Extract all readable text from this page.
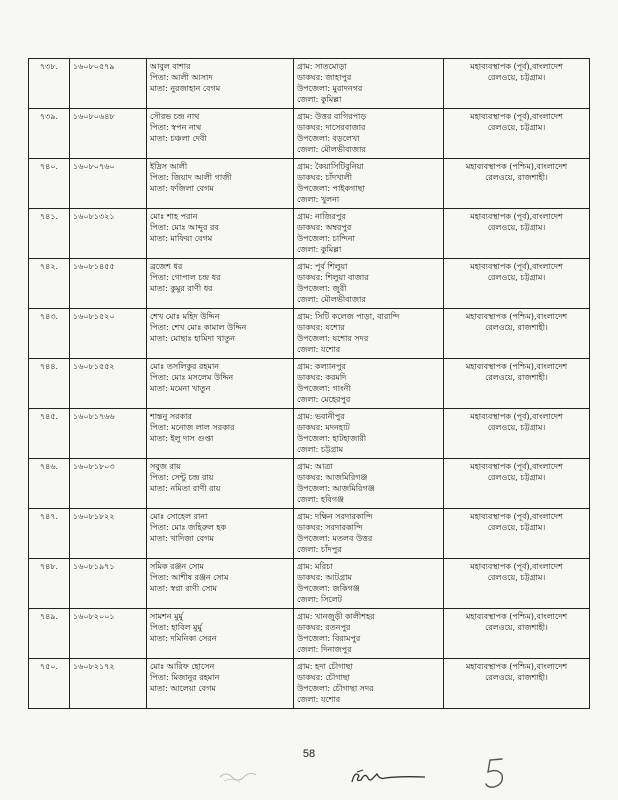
৭৩৮.	১৬০৮০৫৭৯	আবুল বাশার
পিতা: আলী আসাদ
মাতা: নুরজাহান বেগম	গ্রাম: সাতমোড়া
ডাকঘর: জাহাপুর
উপজেলা: মুরাদনগর
জেলা: কুমিল্লা	মহাব্যবস্থাপক (পূর্ব),বাংলাদেশ
রেলওয়ে, চট্টগ্রাম।

৭৩৯.	১৬০৮০৬৪৮	সৌরভ চন্দ্র নাথ
পিতা: স্বপন নাথ
মাতা: চঞ্চলা দেবী	গ্রাম: উত্তর বাগিরপাড়
ডাকঘর: দাসেরবাজার
উপজেলা: বড়লেখা
জেলা: মৌলভীবাজার	মহাব্যবস্থাপক (পূর্ব),বাংলাদেশ
রেলওয়ে, চট্টগ্রাম।

৭৪০.	১৬০৮০৭৬০	ইদ্রিস আলী
পিতা: জিয়াদ আলী গাজী
মাতা: ফজিলা বেগম	গ্রাম: কৈয়াসিটিবুনিয়া
ডাকঘর: চাঁদখালী
উপজেলা: পাইকগাছা
জেলা: খুলনা	মহাব্যবস্থাপক (পশ্চিম),বাংলাদেশ
রেলওয়ে, রাজশাহী।

৭৪১.	১৬০৮১৩২১	মোঃ শাহ পরান
পিতা: মোঃ আব্দুর রব
মাতা: মাফিয়া বেগম	গ্রাম: নাজিরপুর
ডাকঘর: অম্বরপুর
উপজেলা: চান্দিনা
জেলা: কুমিল্লা	মহাব্যবস্থাপক (পূর্ব),বাংলাদেশ
রেলওয়ে, চট্টগ্রাম।

৭৪২.	১৬০৮১৪৫৫	ব্রজেশ ধর
পিতা: গোপাল চন্দ্র ধর
মাতা: কুমুর রাণী ধর	গ্রাম: পূর্ব শিলুয়া
ডাকঘর: শিলুয়া বাজার
উপজেলা: জুরী
জেলা: মৌলভীবাজার	মহাব্যবস্থাপক (পূর্ব),বাংলাদেশ
রেলওয়ে, চট্টগ্রাম।

৭৪৩.	১৬০৮১৫২০	শেখ মোঃ মহিদ উদ্দিন
পিতা: শেখ মোঃ কামাল উদ্দিন
মাতা: মোছাঃ হামিদা খাতুন	গ্রাম: সিটি কলেজ পাড়া, বারান্দি
ডাকঘর: যশোর
উপজেলা: যশোর সদর
জেলা: যশোর	মহাব্যবস্থাপক (পশ্চিম),বাংলাদেশ
রেলওয়ে, রাজশাহী।

৭৪৪.	১৬০৮১৫৫২	মোঃ তসলিকুর রহমান
পিতা: মোঃ মসলেম উদ্দিন
মাতা: মমেনা খাতুন	গ্রাম: কল্যানপুর
ডাকঘর: করমদি
উপজেলা: গাংনী
জেলা: মেহেরপুর	মহাব্যবস্থাপক (পশ্চিম),বাংলাদেশ
রেলওয়ে, রাজশাহী।

৭৪৫.	১৬০৮১৭৬৬	শান্তনু সরকার
পিতা: মনোজ লাল সরকার
মাতা: ইলু দাস গুপ্তা	গ্রাম: ভবানীপুর
ডাকঘর: মদনহাট
উপজেলা: হাটহাজারী
জেলা: চট্টগ্রাম	মহাব্যবস্থাপক (পূর্ব),বাংলাদেশ
রেলওয়ে, চট্টগ্রাম।

৭৪৬.	১৬০৮১৮০৩	সবুজ রায়
পিতা: সেন্টু চন্দ্র রায়
মাতা: নমিতা রাণী রায়	গ্রাম: আত্রা
ডাকঘর: আজমিরিগঞ্জ
উপজেলা: আজমিরিগঞ্জ
জেলা: হবিগঞ্জ	মহাব্যবস্থাপক (পূর্ব),বাংলাদেশ
রেলওয়ে, চট্টগ্রাম।

৭৪৭.	১৬০৮১৮২২	মোঃ সোহেল রানা
পিতা: মোঃ জহিরুল হক
মাতা: খাদিজা বেগম	গ্রাম: দক্ষিন সরদারকান্দি
ডাকঘর: সরদারকান্দি
উপজেলা: মতলব উত্তর
জেলা: চাঁদপুর	মহাব্যবস্থাপক (পূর্ব),বাংলাদেশ
রেলওয়ে, চট্টগ্রাম।

৭৪৮.	১৬০৮১৯৭১	সমিক রঞ্জন সোম
পিতা: আশীষ রঞ্জন সোম
মাতা: স্বপ্না রাণী সোম	গ্রাম: মরিচা
ডাকঘর: আটগ্রাম
উপজেলা: জকিগঞ্জ
জেলা: সিলেট	মহাব্যবস্থাপক (পূর্ব),বাংলাদেশ
রেলওয়ে, চট্টগ্রাম।

৭৪৯.	১৬০৮২০০১	সামশন মুর্মু
পিতা: হাবিল মুর্মু
মাতা: দমিনিকা সেরন	গ্রাম: খানজুড়ী কালীশহর
ডাকঘর: রতনপুর
উপজেলা: বিরামপুর
জেলা: দিনাজপুর	মহাব্যবস্থাপক (পশ্চিম),বাংলাদেশ
রেলওয়ে, রাজশাহী।

৭৫০.	১৬০৮২১৭২	মোঃ আরিফ হোসেন
পিতা: মিজানুর রহমান
মাতা: আলেয়া বেগম	গ্রাম: হদা চৌগাছা
ডাকঘর: চৌগাছা
উপজেলা: চৌগাছা সদর
জেলা: যশোর	মহাব্যবস্থাপক (পশ্চিম),বাংলাদেশ
রেলওয়ে, রাজশাহী।
58
